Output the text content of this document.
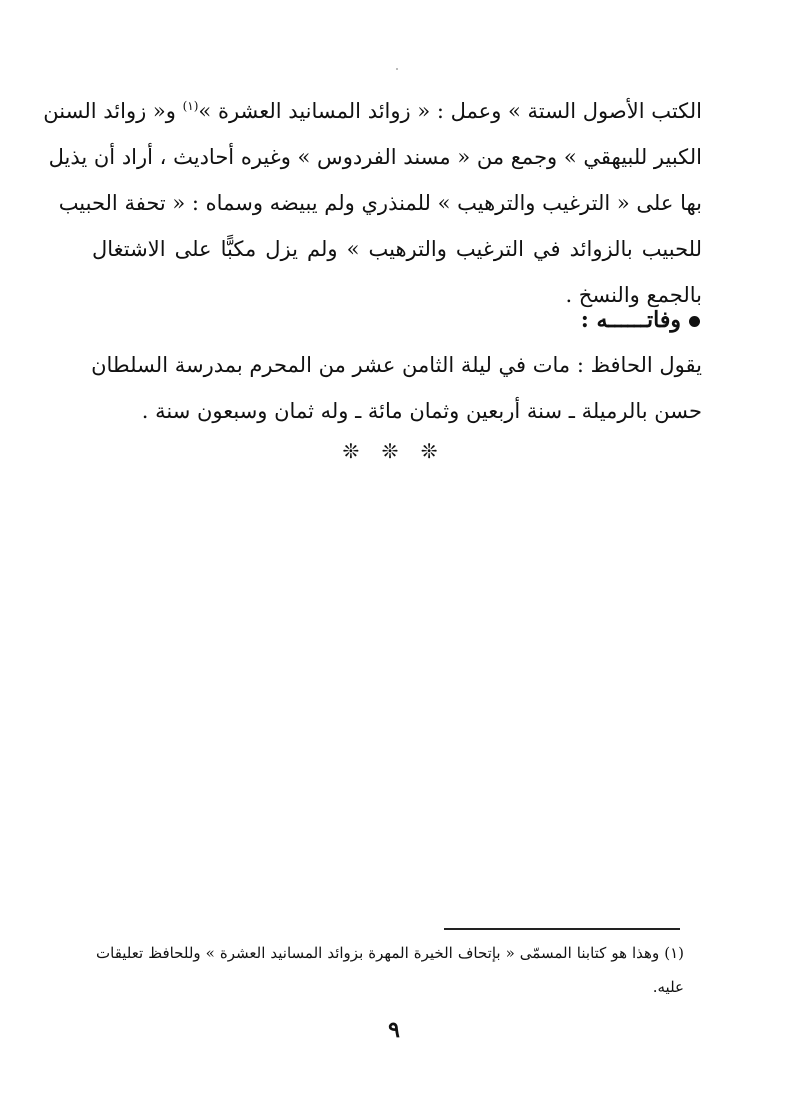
الكتب الأصول الستة » وعمل : « زوائد المسانيد العشرة »$^{(١)}$ و« زوائد السنن
الكبير للبيهقي » وجمع من « مسند الفردوس » وغيره أحاديث ، أراد أن يذيل
بها على « الترغيب والترهيب » للمنذري ولم يبيضه وسماه : « تحفة الحبيب
للحبيب بالزوائد في الترغيب والترهيب » ولم يزل مكبًّا على الاشتغال
بالجمع والنسخ .
وفاتــــــه :
يقول الحافظ : مات في ليلة الثامن عشر من المحرم بمدرسة السلطان
حسن بالرميلة ـ سنة أربعين وثمان مائة ـ وله ثمان وسبعون سنة .
❊ ❊ ❊
(١) وهذا هو كتابنا المسمّى « بإتحاف الخيرة المهرة بزوائد المسانيد العشرة » وللحافظ تعليقات
عليه.
٩
